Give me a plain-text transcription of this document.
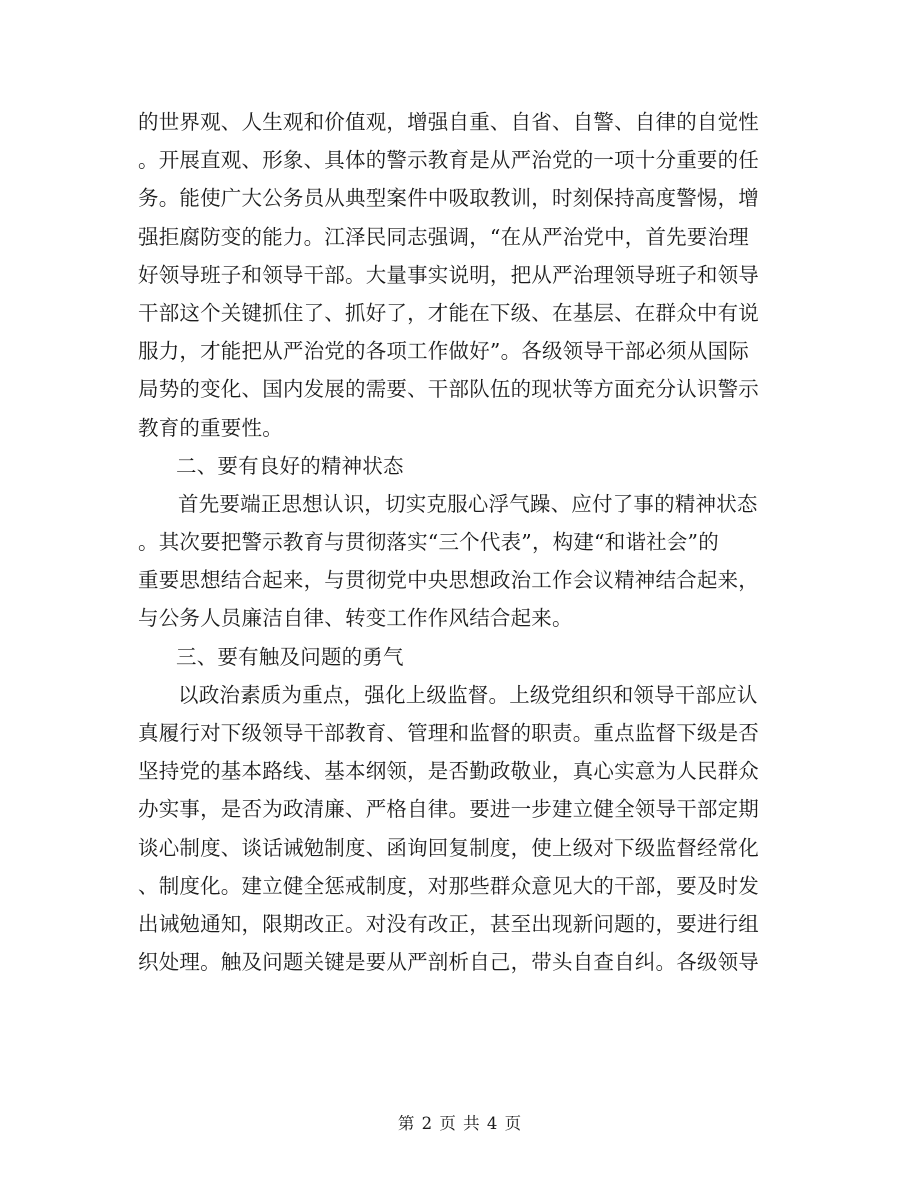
的世界观、人生观和价值观，增强自重、自省、自警、自律的自觉性
。开展直观、形象、具体的警示教育是从严治党的一项十分重要的任
务。能使广大公务员从典型案件中吸取教训，时刻保持高度警惕，增
强拒腐防变的能力。江泽民同志强调，“在从严治党中，首先要治理
好领导班子和领导干部。大量事实说明，把从严治理领导班子和领导
干部这个关键抓住了、抓好了，才能在下级、在基层、在群众中有说
服力，才能把从严治党的各项工作做好”。各级领导干部必须从国际
局势的变化、国内发展的需要、干部队伍的现状等方面充分认识警示
教育的重要性。
二、要有良好的精神状态
首先要端正思想认识，切实克服心浮气躁、应付了事的精神状态
。其次要把警示教育与贯彻落实“三个代表”，构建“和谐社会”的
重要思想结合起来，与贯彻党中央思想政治工作会议精神结合起来，
与公务人员廉洁自律、转变工作作风结合起来。
三、要有触及问题的勇气
以政治素质为重点，强化上级监督。上级党组织和领导干部应认
真履行对下级领导干部教育、管理和监督的职责。重点监督下级是否
坚持党的基本路线、基本纲领，是否勤政敬业，真心实意为人民群众
办实事，是否为政清廉、严格自律。要进一步建立健全领导干部定期
谈心制度、谈话诫勉制度、函询回复制度，使上级对下级监督经常化
、制度化。建立健全惩戒制度，对那些群众意见大的干部，要及时发
出诫勉通知，限期改正。对没有改正，甚至出现新问题的，要进行组
织处理。触及问题关键是要从严剖析自己，带头自查自纠。各级领导
第 2 页 共 4 页
